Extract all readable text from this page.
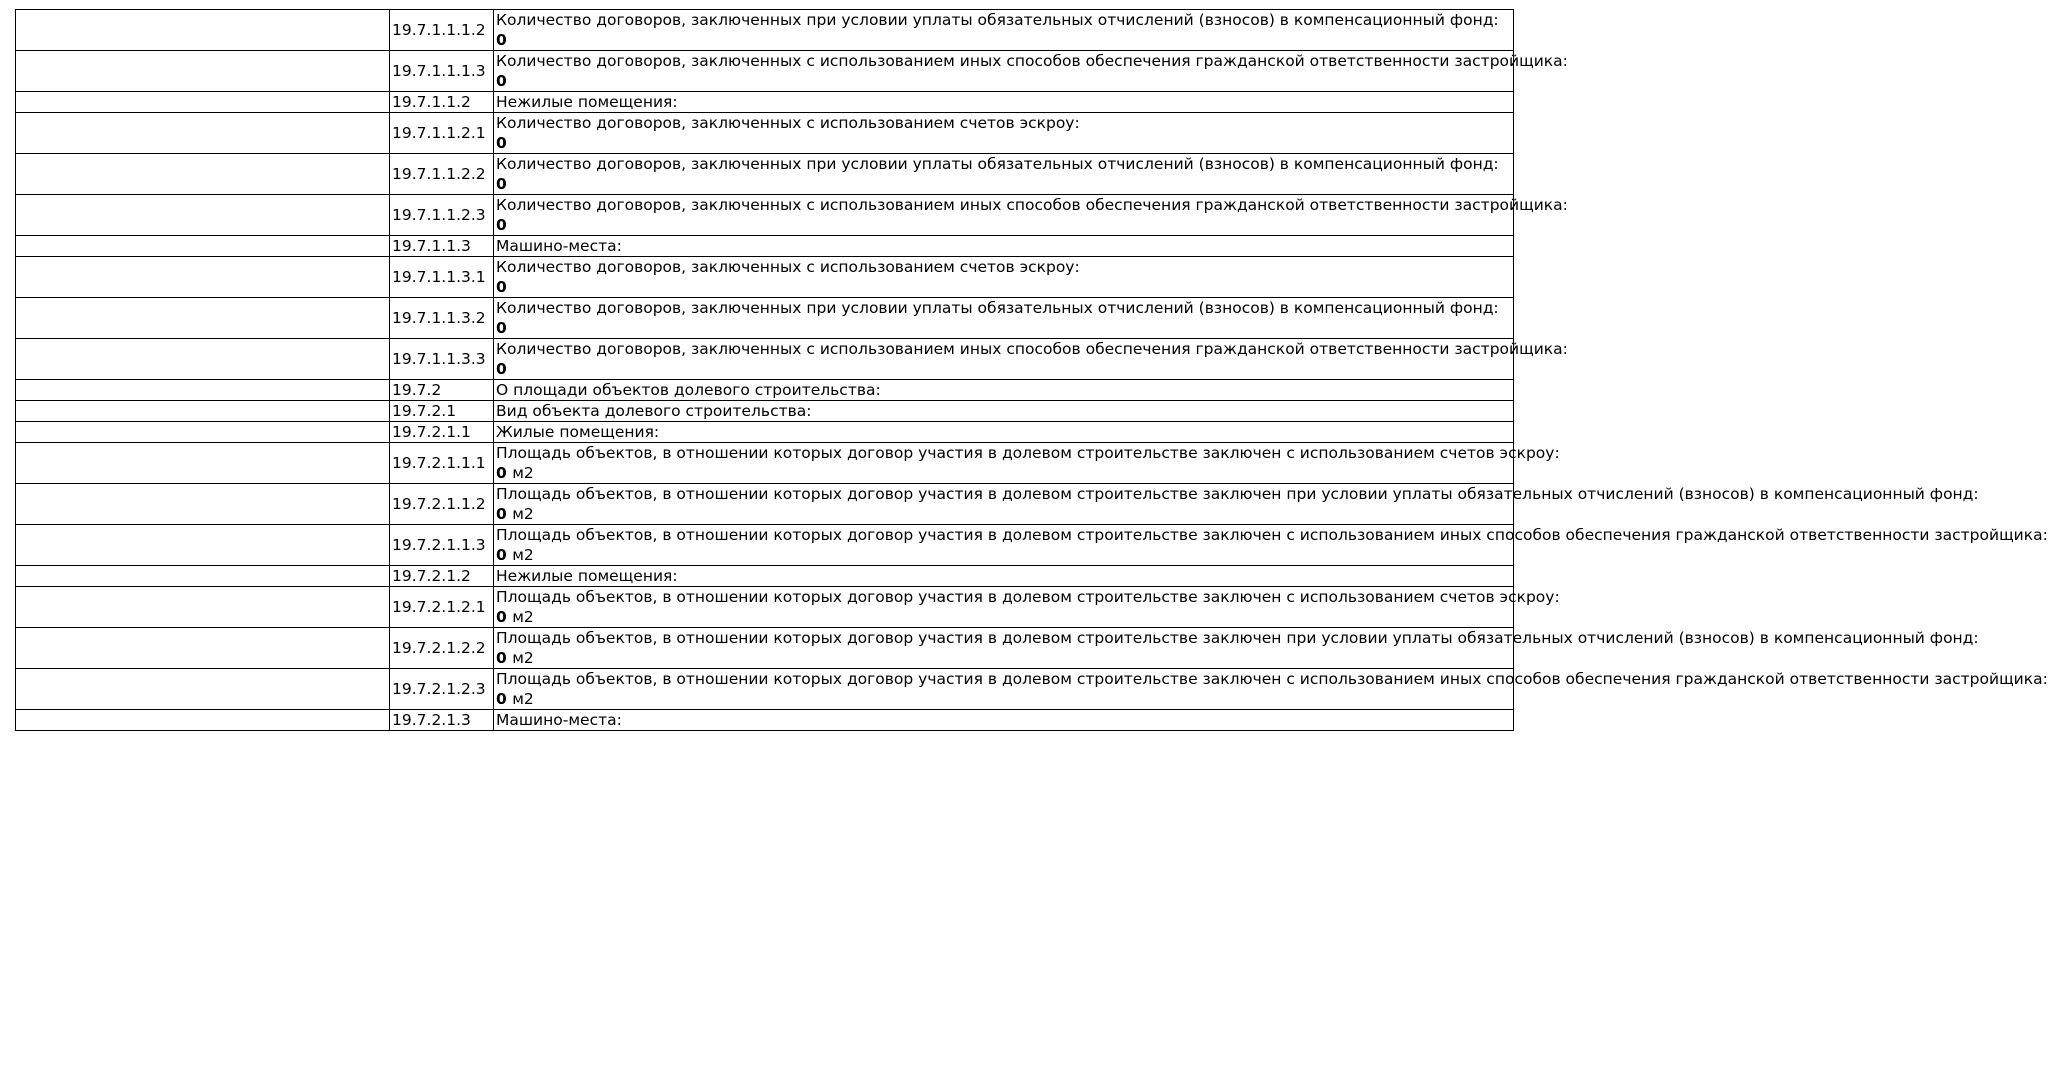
	19.7.1.1.1.2	Количество договоров, заключенных при условии уплаты обязательных отчислений (взносов) в компенсационный фонд:
0

	19.7.1.1.1.3	Количество договоров, заключенных с использованием иных способов обеспечения гражданской ответственности застройщика:
0

	19.7.1.1.2	Нежилые помещения:

	19.7.1.1.2.1	Количество договоров, заключенных с использованием счетов эскроу:
0

	19.7.1.1.2.2	Количество договоров, заключенных при условии уплаты обязательных отчислений (взносов) в компенсационный фонд:
0

	19.7.1.1.2.3	Количество договоров, заключенных с использованием иных способов обеспечения гражданской ответственности застройщика:
0

	19.7.1.1.3	Машино-места:

	19.7.1.1.3.1	Количество договоров, заключенных с использованием счетов эскроу:
0

	19.7.1.1.3.2	Количество договоров, заключенных при условии уплаты обязательных отчислений (взносов) в компенсационный фонд:
0

	19.7.1.1.3.3	Количество договоров, заключенных с использованием иных способов обеспечения гражданской ответственности застройщика:
0

	19.7.2	О площади объектов долевого строительства:

	19.7.2.1	Вид объекта долевого строительства:

	19.7.2.1.1	Жилые помещения:

	19.7.2.1.1.1	Площадь объектов, в отношении которых договор участия в долевом строительстве заключен с использованием счетов эскроу:
0 м2

	19.7.2.1.1.2	Площадь объектов, в отношении которых договор участия в долевом строительстве заключен при условии уплаты обязательных отчислений (взносов) в компенсационный фонд:
0 м2

	19.7.2.1.1.3	Площадь объектов, в отношении которых договор участия в долевом строительстве заключен с использованием иных способов обеспечения гражданской ответственности застройщика:
0 м2

	19.7.2.1.2	Нежилые помещения:

	19.7.2.1.2.1	Площадь объектов, в отношении которых договор участия в долевом строительстве заключен с использованием счетов эскроу:
0 м2

	19.7.2.1.2.2	Площадь объектов, в отношении которых договор участия в долевом строительстве заключен при условии уплаты обязательных отчислений (взносов) в компенсационный фонд:
0 м2

	19.7.2.1.2.3	Площадь объектов, в отношении которых договор участия в долевом строительстве заключен с использованием иных способов обеспечения гражданской ответственности застройщика:
0 м2

	19.7.2.1.3	Машино-места:
